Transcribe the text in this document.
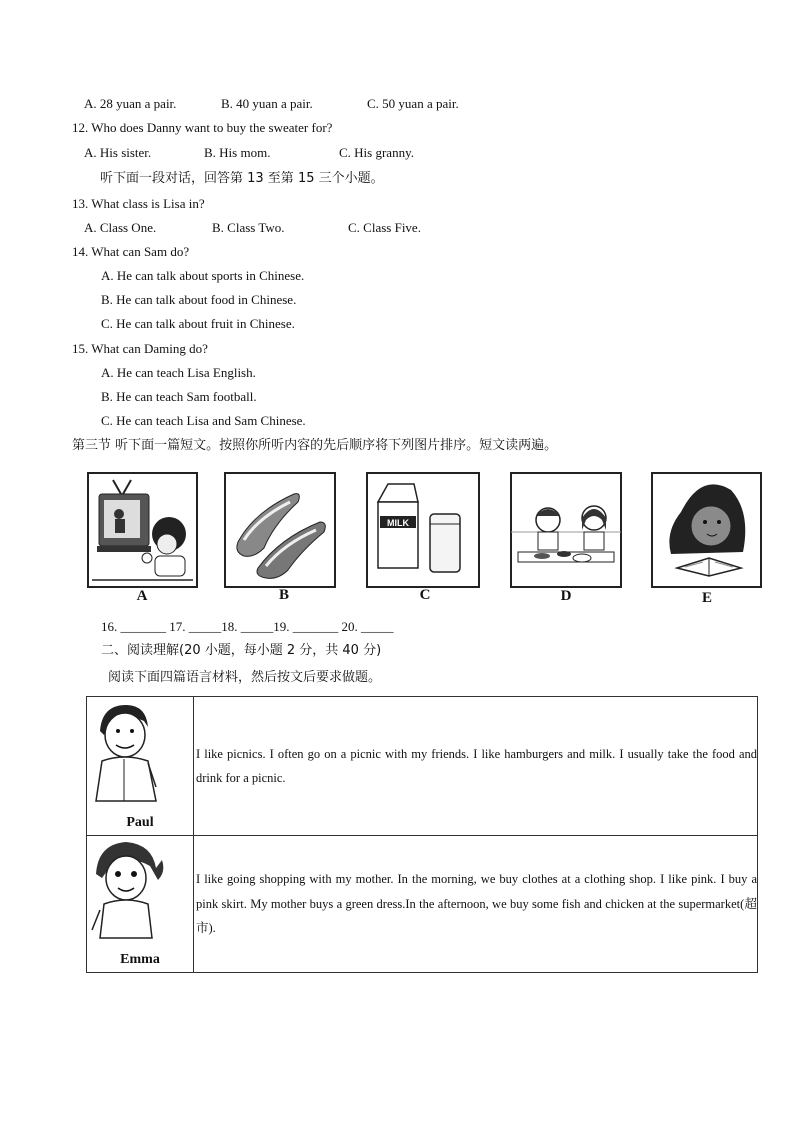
A. 28 yuan a pair.	B. 40 yuan a pair.	C. 50 yuan a pair.
12. Who does Danny want to buy the sweater for?
A. His sister.	B. His mom.	C. His granny.
听下面一段对话，回答第 13 至第 15 三个小题。
13. What class is Lisa in?
A. Class One.	B. Class Two.	C. Class Five.
14. What can Sam do?
A. He can talk about sports in Chinese.
B. He can talk about food in Chinese.
C. He can talk about fruit in Chinese.
15. What can Daming do?
A. He can teach Lisa English.
B. He can teach Sam football.
C. He can teach Lisa and Sam Chinese.
第三节 听下面一篇短文。按照你所听内容的先后顺序将下列图片排序。短文读两遍。
A	B
MILK
C	D	E
16. _______ 17. _____18. _____19. _______ 20. _____
二、阅读理解(20 小题，每小题 2 分，共 40 分)
阅读下面四篇语言材料，然后按文后要求做题。
Paul	I like picnics. I often go on a picnic with my friends. I like hamburgers and milk. I usually take the food and drink for a picnic.

Emma	I like going shopping with my mother. In the morning, we buy clothes at a clothing shop. I like pink. I buy a pink skirt. My mother buys a green dress.In the afternoon, we buy some fish and chicken at the supermarket(超市).
